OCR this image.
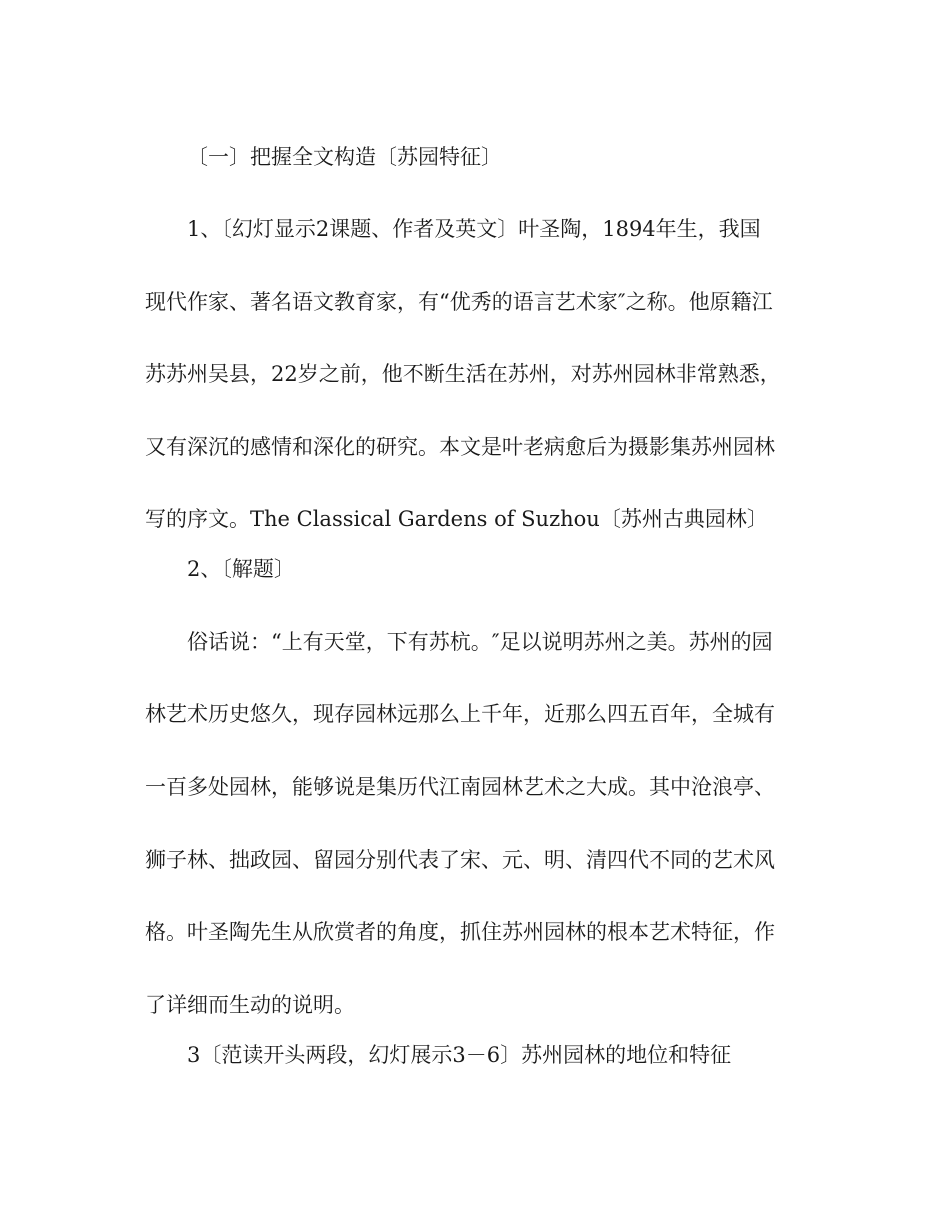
〔一〕把握全文构造〔苏园特征〕
1、〔幻灯显示2课题、作者及英文〕叶圣陶，1894年生，我国
现代作家、著名语文教育家，有“优秀的语言艺术家″之称。他原籍江
苏苏州吴县，22岁之前，他不断生活在苏州，对苏州园林非常熟悉，
又有深沉的感情和深化的研究。本文是叶老病愈后为摄影集苏州园林
写的序文。The Classical Gardens of Suzhou〔苏州古典园林〕
2、〔解题〕
俗话说：“上有天堂，下有苏杭。″足以说明苏州之美。苏州的园
林艺术历史悠久，现存园林远那么上千年，近那么四五百年，全城有
一百多处园林，能够说是集历代江南园林艺术之大成。其中沧浪亭、
狮子林、拙政园、留园分别代表了宋、元、明、清四代不同的艺术风
格。叶圣陶先生从欣赏者的角度，抓住苏州园林的根本艺术特征，作
了详细而生动的说明。
3〔范读开头两段，幻灯展示3－6〕苏州园林的地位和特征
